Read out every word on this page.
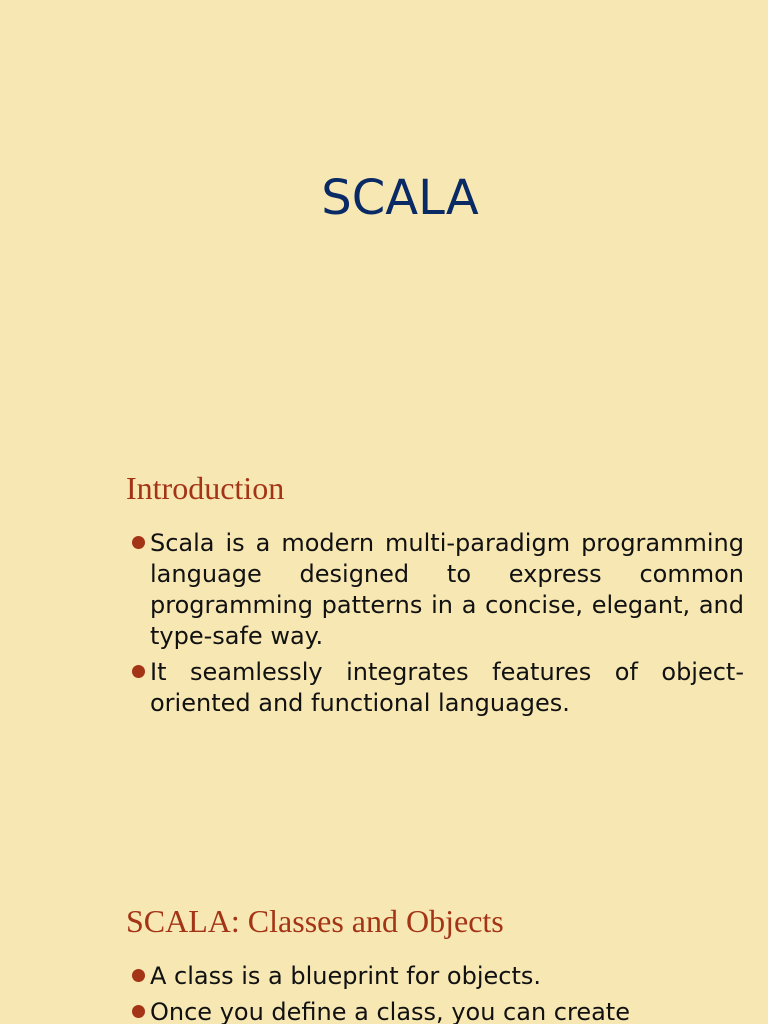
SCALA
Introduction
Scala is a modern multi-paradigm programming language designed to express common programming patterns in a concise, elegant, and type-safe way.
It seamlessly integrates features of object-oriented and functional languages.
SCALA: Classes and Objects
A class is a blueprint for objects.
Once you define a class, you can create
